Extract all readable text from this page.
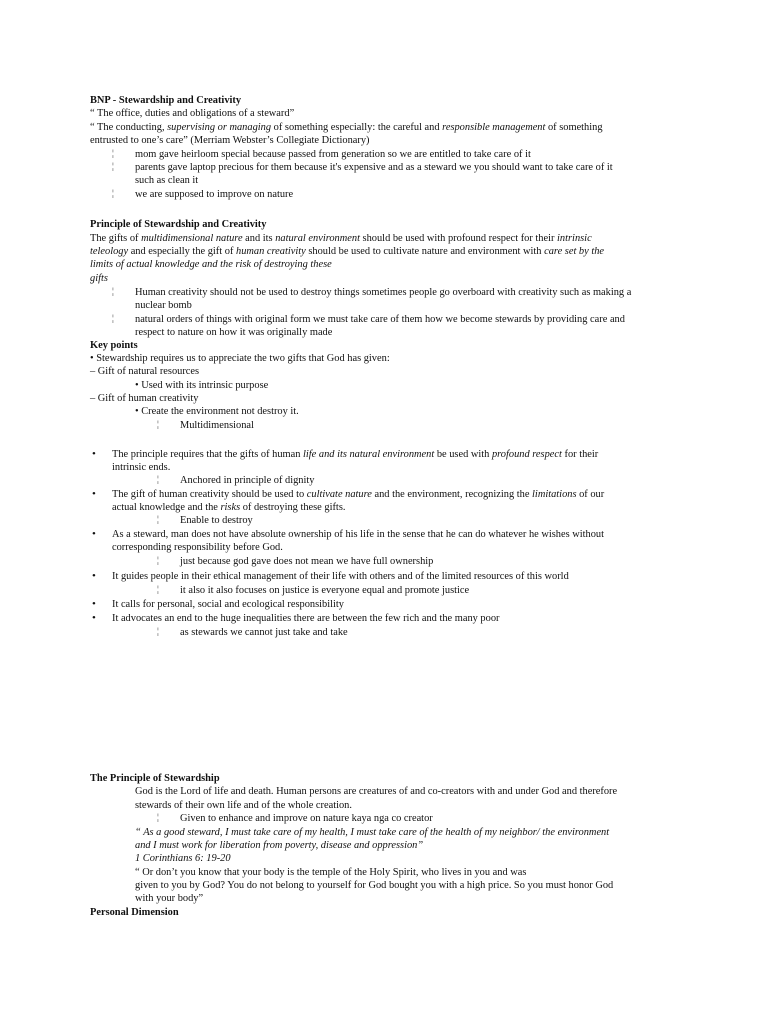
BNP - Stewardship and Creativity
“ The office, duties and obligations of a steward”
“ The conducting, supervising or managing of something especially: the careful and responsible management of something
entrusted to one’s care” (Merriam Webster’s Collegiate Dictionary)
¦ mom gave heirloom special because passed from generation so we are entitled to take care of it
¦ parents gave laptop precious for them because it's expensive and as a steward we you should want to take care of it
such as clean it
¦ we are supposed to improve on nature
Principle of Stewardship and Creativity
The gifts of multidimensional nature and its natural environment should be used with profound respect for their intrinsic
teleology and especially the gift of human creativity should be used to cultivate nature and environment with care set by the
limits of actual knowledge and the risk of destroying these
gifts
¦ Human creativity should not be used to destroy things sometimes people go overboard with creativity such as making a
nuclear bomb
¦ natural orders of things with original form we must take care of them how we become stewards by providing care and
respect to nature on how it was originally made
Key points
• Stewardship requires us to appreciate the two gifts that God has given:
– Gift of natural resources
• Used with its intrinsic purpose
– Gift of human creativity
• Create the environment not destroy it.
¦ Multidimensional
• The principle requires that the gifts of human life and its natural environment be used with profound respect for their
intrinsic ends.
¦ Anchored in principle of dignity
• The gift of human creativity should be used to cultivate nature and the environment, recognizing the limitations of our
actual knowledge and the risks of destroying these gifts.
¦ Enable to destroy
• As a steward, man does not have absolute ownership of his life in the sense that he can do whatever he wishes without
corresponding responsibility before God.
¦ just because god gave does not mean we have full ownership
• It guides people in their ethical management of their life with others and of the limited resources of this world
¦ it also it also focuses on justice is everyone equal and promote justice
• It calls for personal, social and ecological responsibility
• It advocates an end to the huge inequalities there are between the few rich and the many poor
¦ as stewards we cannot just take and take
The Principle of Stewardship
God is the Lord of life and death. Human persons are creatures of and co-creators with and under God and therefore
stewards of their own life and of the whole creation.
¦ Given to enhance and improve on nature kaya nga co creator
“ As a good steward, I must take care of my health, I must take care of the health of my neighbor/ the environment
and I must work for liberation from poverty, disease and oppression”
1 Corinthians 6: 19-20
“ Or don’t you know that your body is the temple of the Holy Spirit, who lives in you and was
given to you by God? You do not belong to yourself for God bought you with a high price. So you must honor God
with your body”
Personal Dimension
